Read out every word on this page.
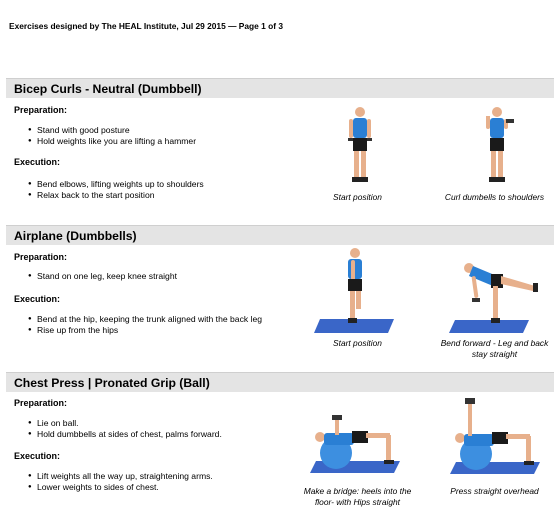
Exercises designed by The HEAL Institute, Jul 29 2015 — Page 1 of 3
Bicep Curls - Neutral (Dumbbell)
Preparation:
● Stand with good posture
● Hold weights like you are lifting a hammer
Execution:
● Bend elbows, lifting weights up to shoulders
● Relax back to the start position	Start position	Curl dumbells to shoulders
Airplane (Dumbbells)
Preparation:
● Stand on one leg, keep knee straight
Execution:
● Bend at the hip, keeping the trunk aligned with the back leg
● Rise up from the hips
Start position	Bend forward - Leg and back stay straight
Chest Press | Pronated Grip (Ball)
Preparation:
● Lie on ball.
● Hold dumbbells at sides of chest, palms forward.
Execution:
● Lift weights all the way up, straightening arms.
● Lower weights to sides of chest.	Make a bridge: heels into the floor- with Hips straight
Press straight overhead
